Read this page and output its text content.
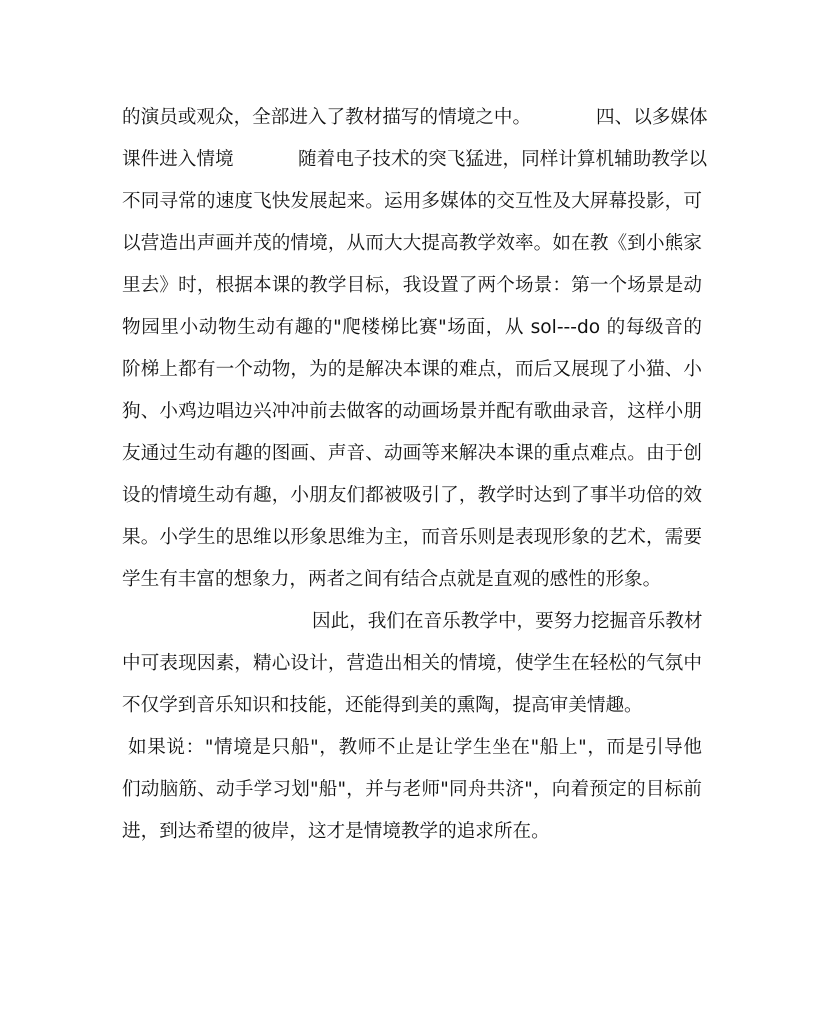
的演员或观众，全部进入了教材描写的情境之中。	四、以多媒体
课件进入情境	随着电子技术的突飞猛进，同样计算机辅助教学以
不同寻常的速度飞快发展起来。运用多媒体的交互性及大屏幕投影，可
以营造出声画并茂的情境，从而大大提高教学效率。如在教《到小熊家
里去》时，根据本课的教学目标，我设置了两个场景：第一个场景是动
物园里小动物生动有趣的"爬楼梯比赛"场面，从 sol---do 的每级音的
阶梯上都有一个动物，为的是解决本课的难点，而后又展现了小猫、小
狗、小鸡边唱边兴冲冲前去做客的动画场景并配有歌曲录音，这样小朋
友通过生动有趣的图画、声音、动画等来解决本课的重点难点。由于创
设的情境生动有趣，小朋友们都被吸引了，教学时达到了事半功倍的效
果。小学生的思维以形象思维为主，而音乐则是表现形象的艺术，需要
学生有丰富的想象力，两者之间有结合点就是直观的感性的形象。
因此，我们在音乐教学中，要努力挖掘音乐教材
中可表现因素，精心设计，营造出相关的情境，使学生在轻松的气氛中
不仅学到音乐知识和技能，还能得到美的熏陶，提高审美情趣。
如果说："情境是只船"，教师不止是让学生坐在"船上"，而是引导他
们动脑筋、动手学习划"船"，并与老师"同舟共济"，向着预定的目标前
进，到达希望的彼岸，这才是情境教学的追求所在。
